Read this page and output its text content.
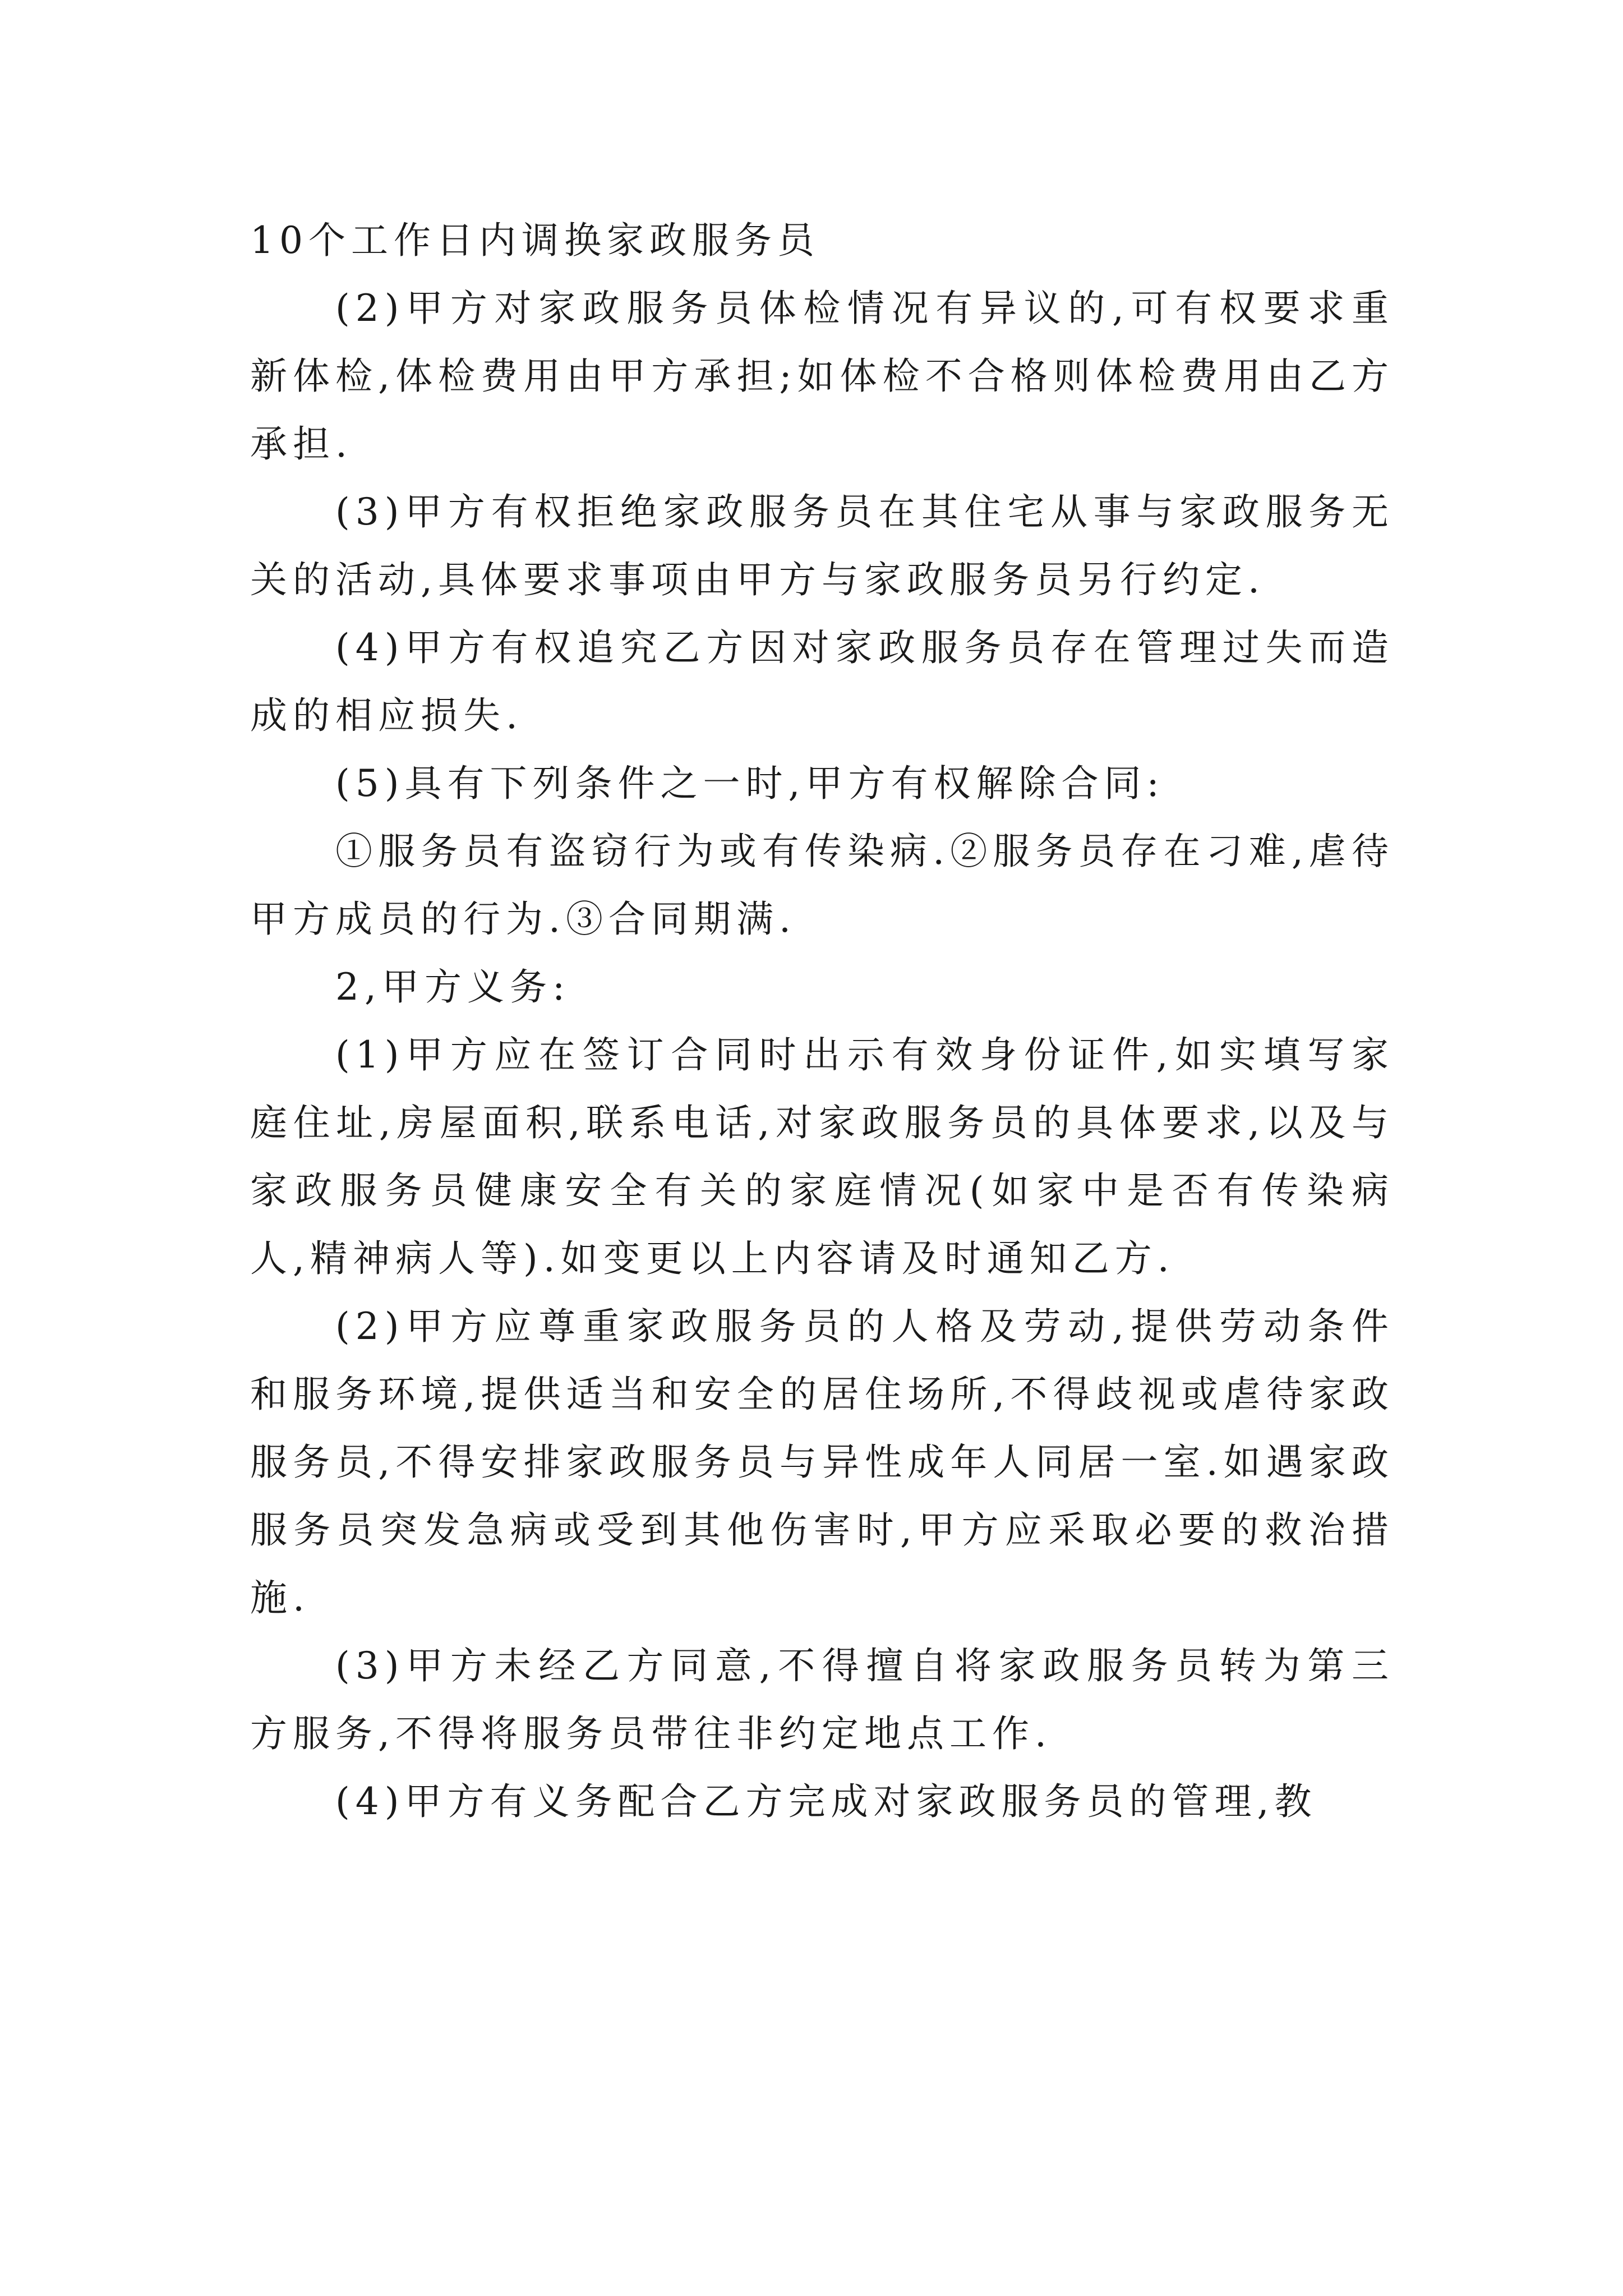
10个工作日内调换家政服务员

(2)甲方对家政服务员体检情况有异议的,可有权要求重新体检,体检费用由甲方承担;如体检不合格则体检费用由乙方承担.

(3)甲方有权拒绝家政服务员在其住宅从事与家政服务无关的活动,具体要求事项由甲方与家政服务员另行约定.

(4)甲方有权追究乙方因对家政服务员存在管理过失而造成的相应损失.

(5)具有下列条件之一时,甲方有权解除合同:

①服务员有盗窃行为或有传染病.②服务员存在刁难,虐待甲方成员的行为.③合同期满.

2,甲方义务:

(1)甲方应在签订合同时出示有效身份证件,如实填写家庭住址,房屋面积,联系电话,对家政服务员的具体要求,以及与家政服务员健康安全有关的家庭情况(如家中是否有传染病人,精神病人等).如变更以上内容请及时通知乙方.

(2)甲方应尊重家政服务员的人格及劳动,提供劳动条件和服务环境,提供适当和安全的居住场所,不得歧视或虐待家政服务员,不得安排家政服务员与异性成年人同居一室.如遇家政服务员突发急病或受到其他伤害时,甲方应采取必要的救治措施.

(3)甲方未经乙方同意,不得擅自将家政服务员转为第三方服务,不得将服务员带往非约定地点工作.

(4)甲方有义务配合乙方完成对家政服务员的管理,教
